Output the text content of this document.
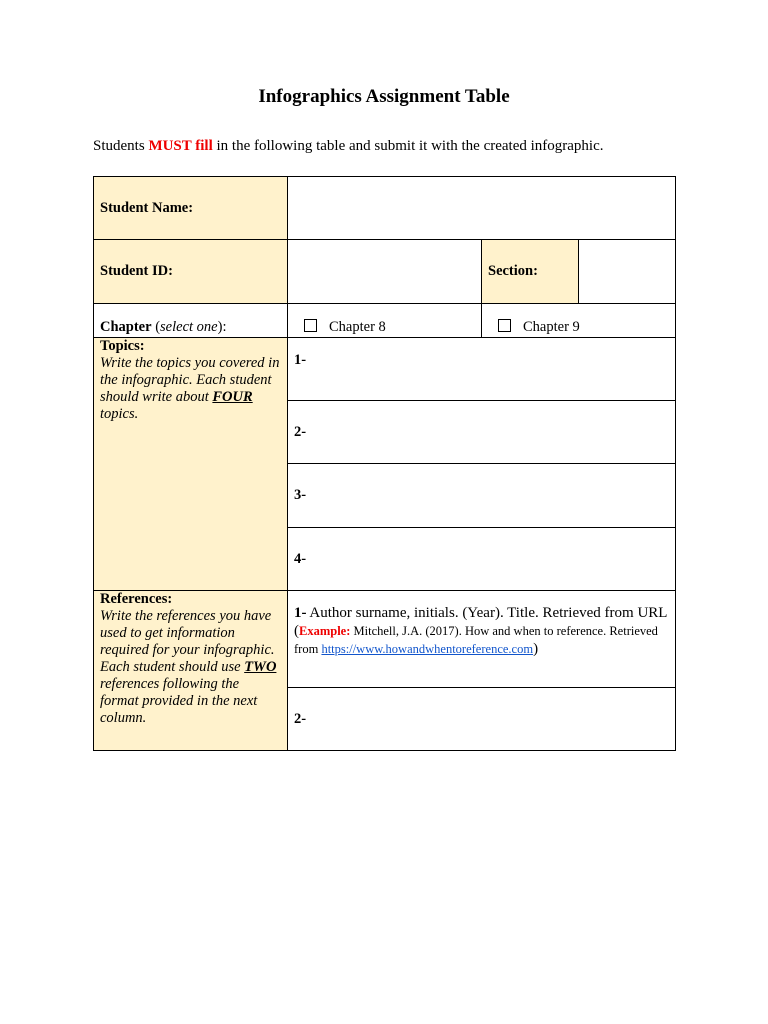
Infographics Assignment Table

Students MUST fill in the following table and submit it with the created infographic.

Student Name:			
Student ID:		Section:	
Chapter (select one):	Chapter 8	Chapter 9	

Topics:
Write the topics you covered in the infographic. Each student should write about FOUR topics.	1-		
	2-		
	3-		
	4-		

References:
Write the references you have used to get information required for your infographic. Each student should use TWO references following the format provided in the next column.	1- Author surname, initials. (Year). Title. Retrieved from URL (Example: Mitchell, J.A. (2017). How and when to reference. Retrieved from https://www.howandwhentoreference.com)		

	2-		
